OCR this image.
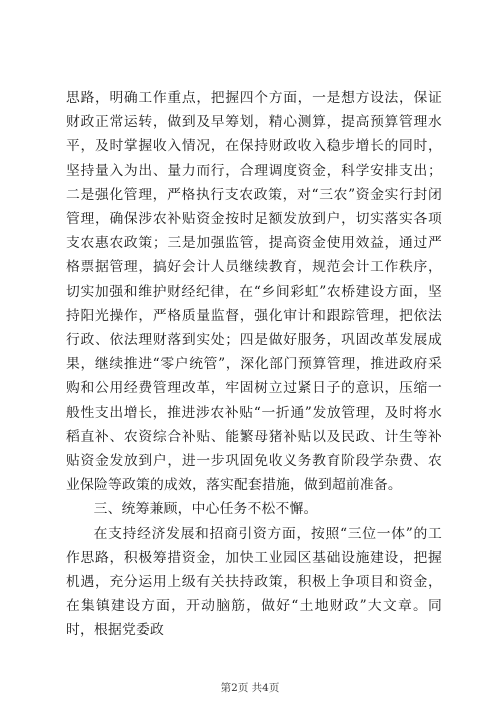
思路，明确工作重点，把握四个方面，一是想方设法，保证财政正常运转，做到及早筹划，精心测算，提高预算管理水平，及时掌握收入情况，在保持财政收入稳步增长的同时，坚持量入为出、量力而行，合理调度资金，科学安排支出；二是强化管理，严格执行支农政策，对“三农”资金实行封闭管理，确保涉农补贴资金按时足额发放到户，切实落实各项支农惠农政策；三是加强监管，提高资金使用效益，通过严格票据管理，搞好会计人员继续教育，规范会计工作秩序，切实加强和维护财经纪律，在“乡间彩虹”农桥建设方面，坚持阳光操作，严格质量监督，强化审计和跟踪管理，把依法行政、依法理财落到实处；四是做好服务，巩固改革发展成果，继续推进“零户统管”，深化部门预算管理，推进政府采购和公用经费管理改革，牢固树立过紧日子的意识，压缩一般性支出增长，推进涉农补贴“一折通”发放管理，及时将水稻直补、农资综合补贴、能繁母猪补贴以及民政、计生等补贴资金发放到户，进一步巩固免收义务教育阶段学杂费、农业保险等政策的成效，落实配套措施，做到超前准备。

三、统筹兼顾，中心任务不松不懈。

在支持经济发展和招商引资方面，按照“三位一体”的工作思路，积极筹措资金，加快工业园区基础设施建设，把握机遇，充分运用上级有关扶持政策，积极上争项目和资金，在集镇建设方面，开动脑筋，做好“土地财政”大文章。同时，根据党委政

第2页 共4页
